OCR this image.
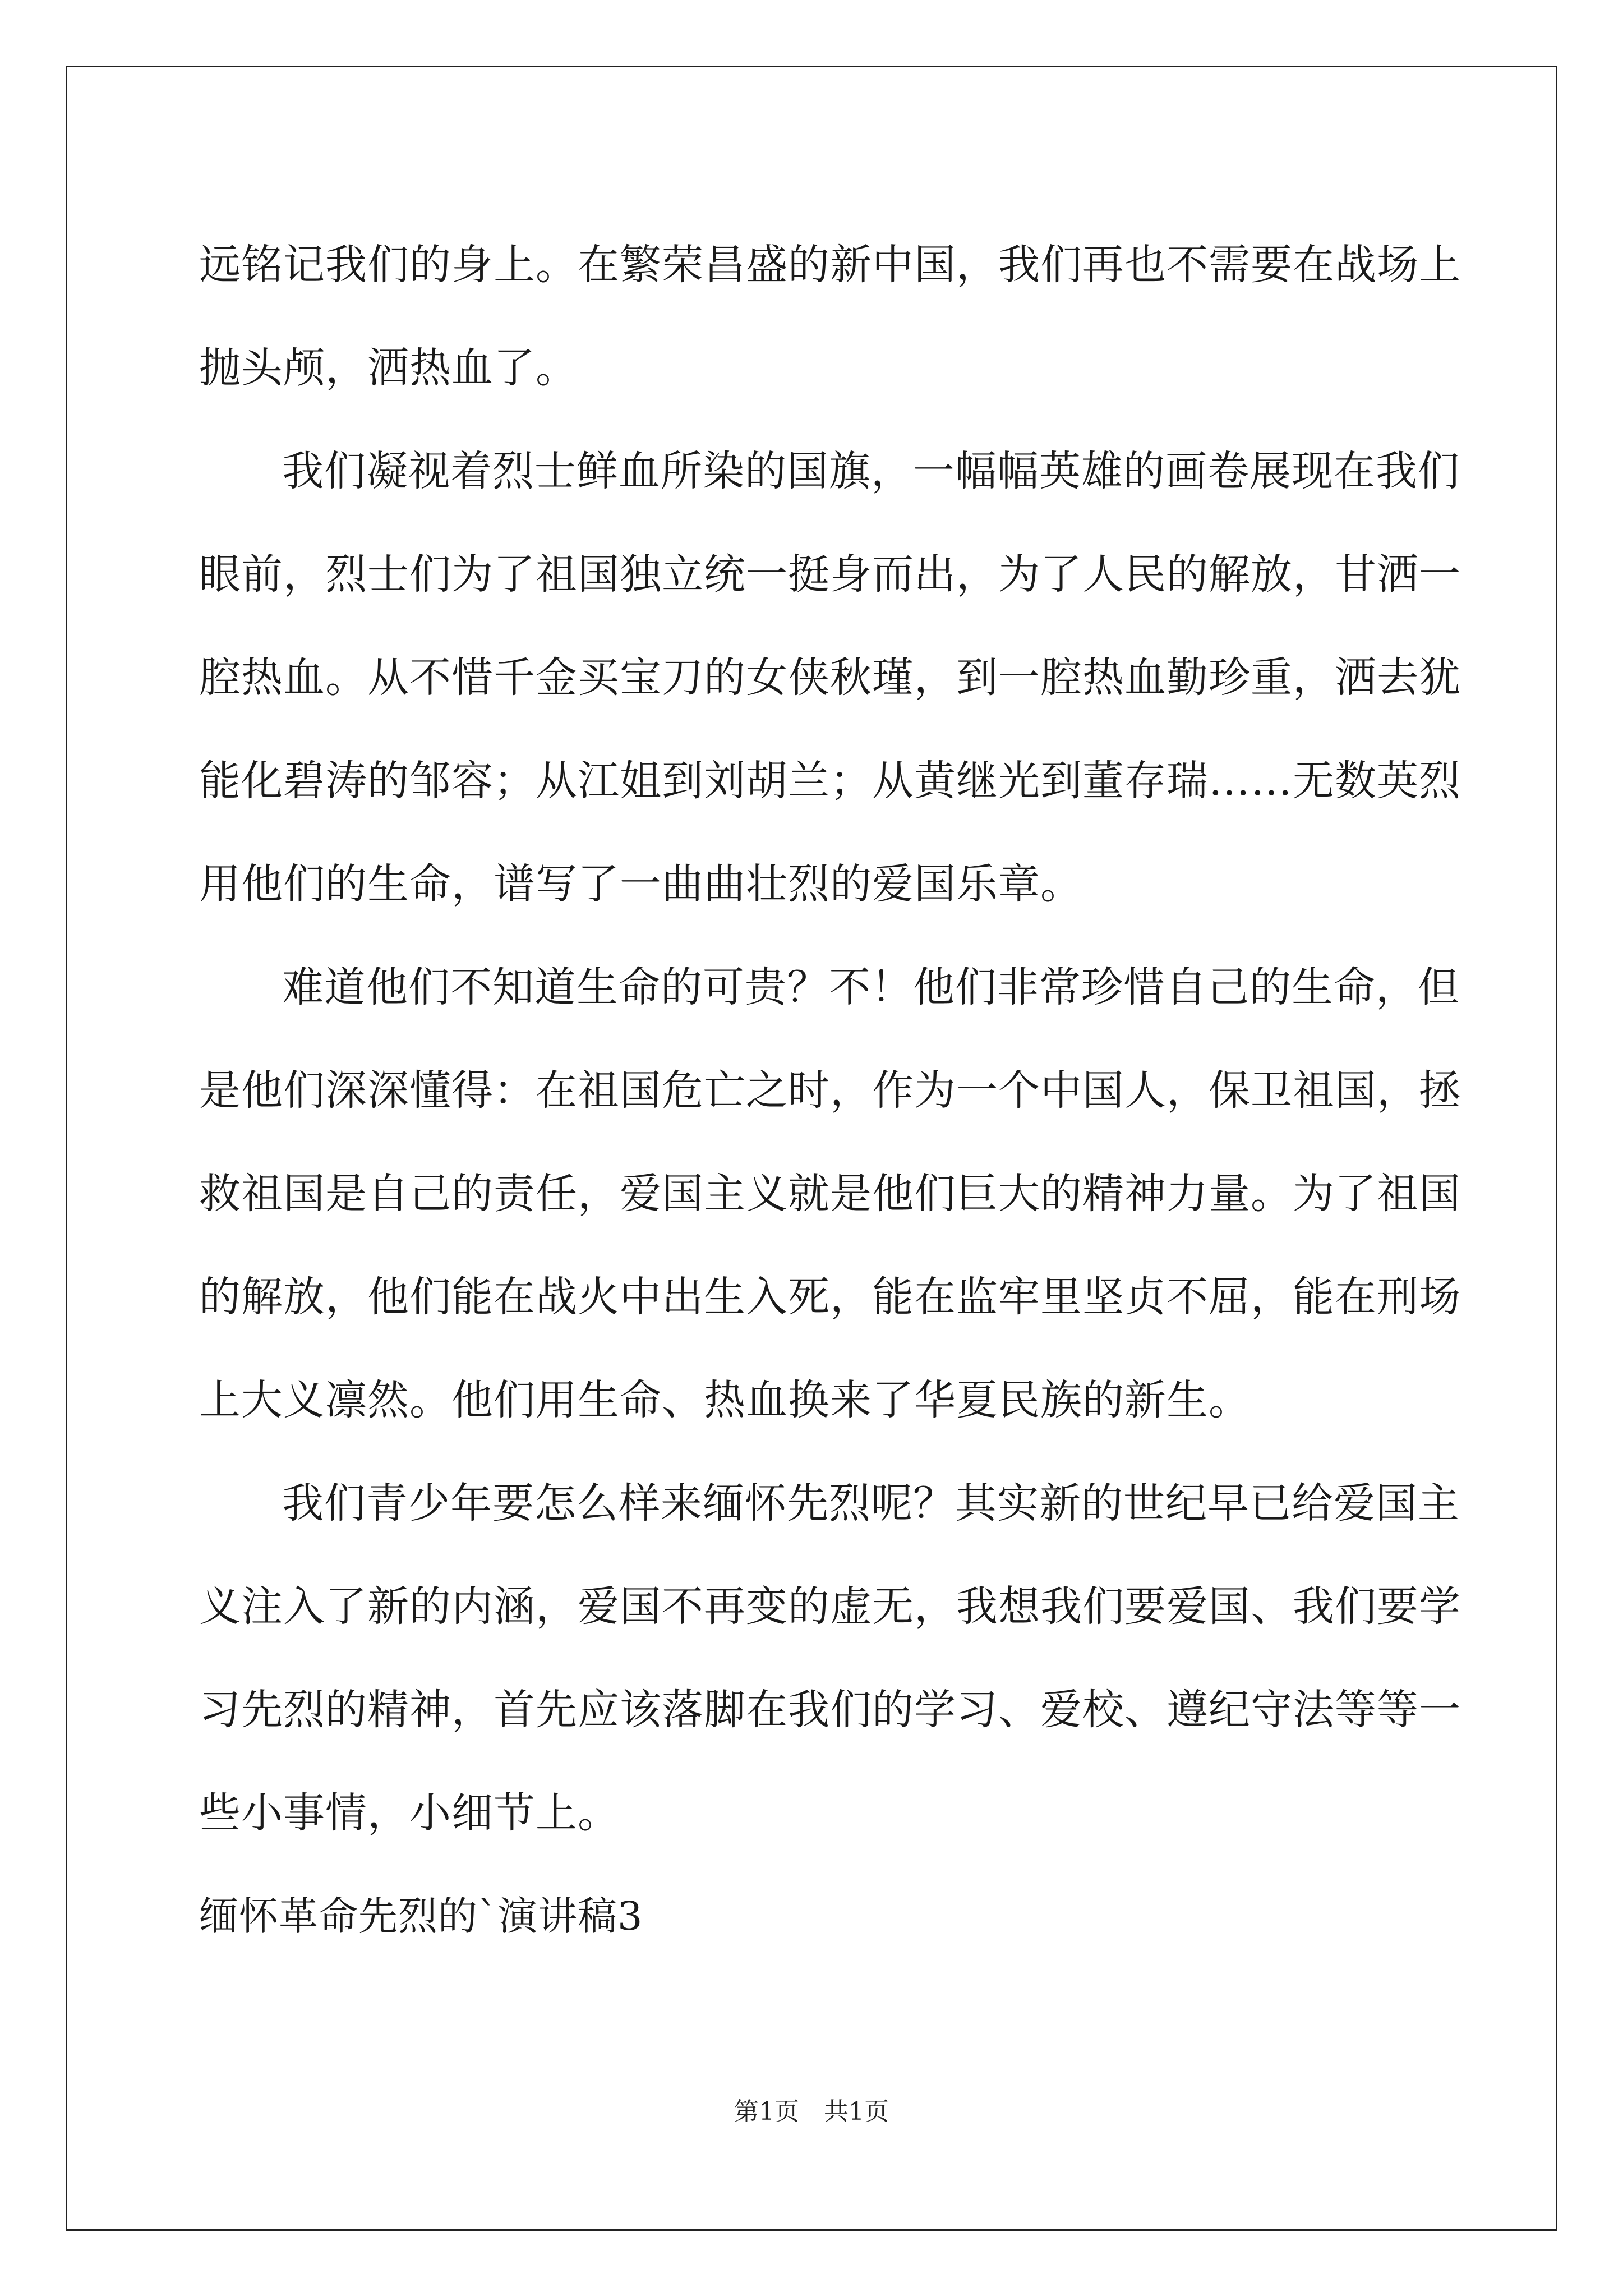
远铭记我们的身上。在繁荣昌盛的新中国，我们再也不需要在战场上
抛头颅，洒热血了。
我们凝视着烈士鲜血所染的国旗，一幅幅英雄的画卷展现在我们
眼前，烈士们为了祖国独立统一挺身而出，为了人民的解放，甘洒一
腔热血。从不惜千金买宝刀的女侠秋瑾，到一腔热血勤珍重，洒去犹
能化碧涛的邹容；从江姐到刘胡兰；从黄继光到董存瑞……无数英烈
用他们的生命，谱写了一曲曲壮烈的爱国乐章。
难道他们不知道生命的可贵？不！他们非常珍惜自己的生命，但
是他们深深懂得：在祖国危亡之时，作为一个中国人，保卫祖国，拯
救祖国是自己的责任，爱国主义就是他们巨大的精神力量。为了祖国
的解放，他们能在战火中出生入死，能在监牢里坚贞不屈，能在刑场
上大义凛然。他们用生命、热血换来了华夏民族的新生。
我们青少年要怎么样来缅怀先烈呢？其实新的世纪早已给爱国主
义注入了新的内涵，爱国不再变的虚无，我想我们要爱国、我们要学
习先烈的精神，首先应该落脚在我们的学习、爱校、遵纪守法等等一
些小事情，小细节上。
缅怀革命先烈的`演讲稿3
第1页　共1页
